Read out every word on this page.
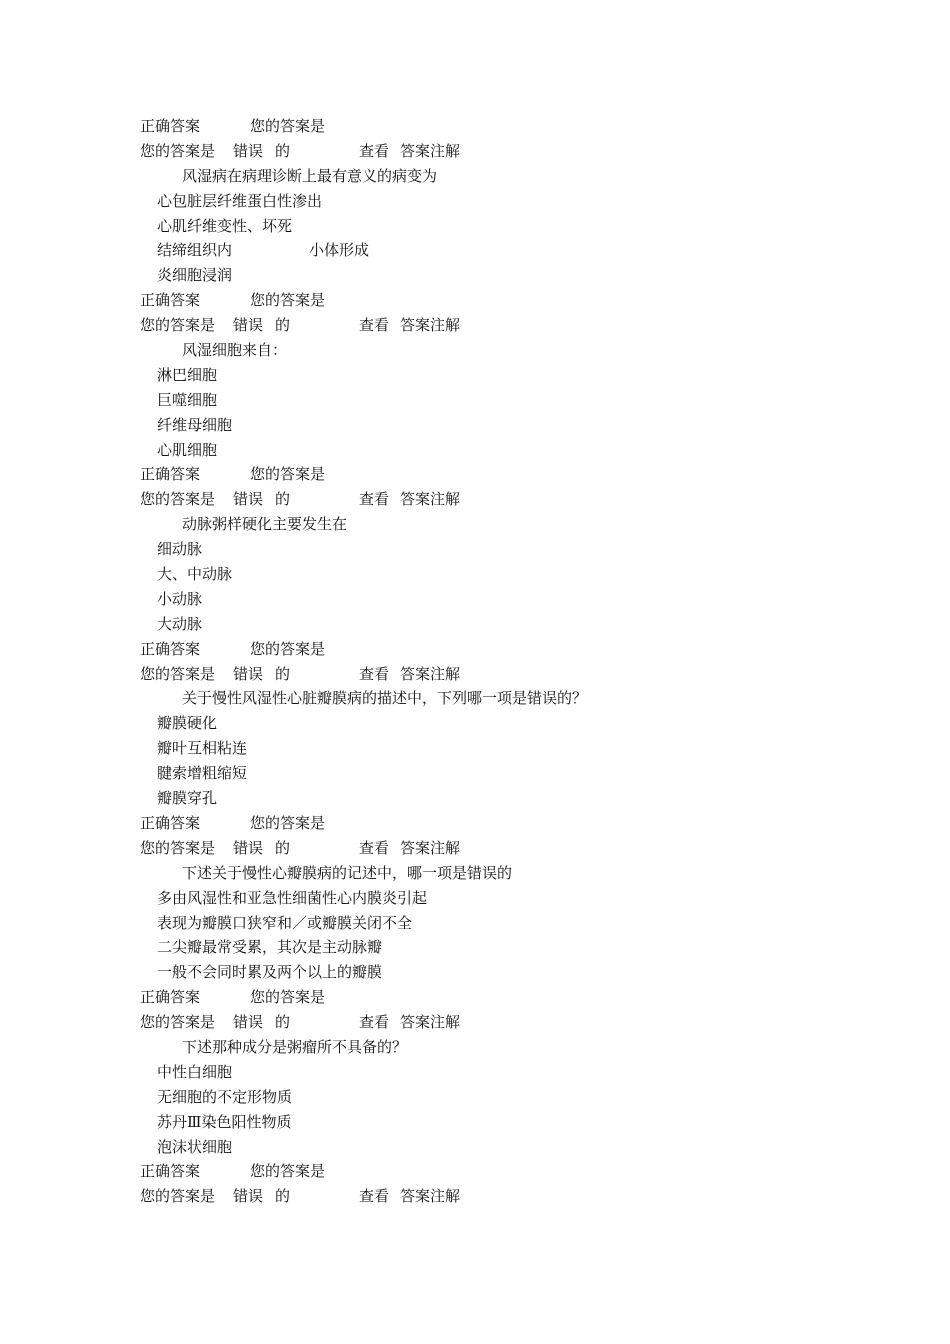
正确答案	您的答案是
您的答案是 错误 的	查看 答案注解
风湿病在病理诊断上最有意义的病变为
心包脏层纤维蛋白性渗出
心肌纤维变性、坏死
结缔组织内	小体形成
炎细胞浸润
正确答案	您的答案是
您的答案是 错误 的	查看 答案注解
风湿细胞来自：
淋巴细胞
巨噬细胞
纤维母细胞
心肌细胞
正确答案	您的答案是
您的答案是 错误 的	查看 答案注解
动脉粥样硬化主要发生在
细动脉
大、中动脉
小动脉
大动脉
正确答案	您的答案是
您的答案是 错误 的	查看 答案注解
关于慢性风湿性心脏瓣膜病的描述中，下列哪一项是错误的？
瓣膜硬化
瓣叶互相粘连
腱索增粗缩短
瓣膜穿孔
正确答案	您的答案是
您的答案是 错误 的	查看 答案注解
下述关于慢性心瓣膜病的记述中，哪一项是错误的
多由风湿性和亚急性细菌性心内膜炎引起
表现为瓣膜口狭窄和／或瓣膜关闭不全
二尖瓣最常受累，其次是主动脉瓣
一般不会同时累及两个以上的瓣膜
正确答案	您的答案是
您的答案是 错误 的	查看 答案注解
下述那种成分是粥瘤所不具备的？
中性白细胞
无细胞的不定形物质
苏丹Ⅲ染色阳性物质
泡沫状细胞
正确答案	您的答案是
您的答案是 错误 的	查看 答案注解
